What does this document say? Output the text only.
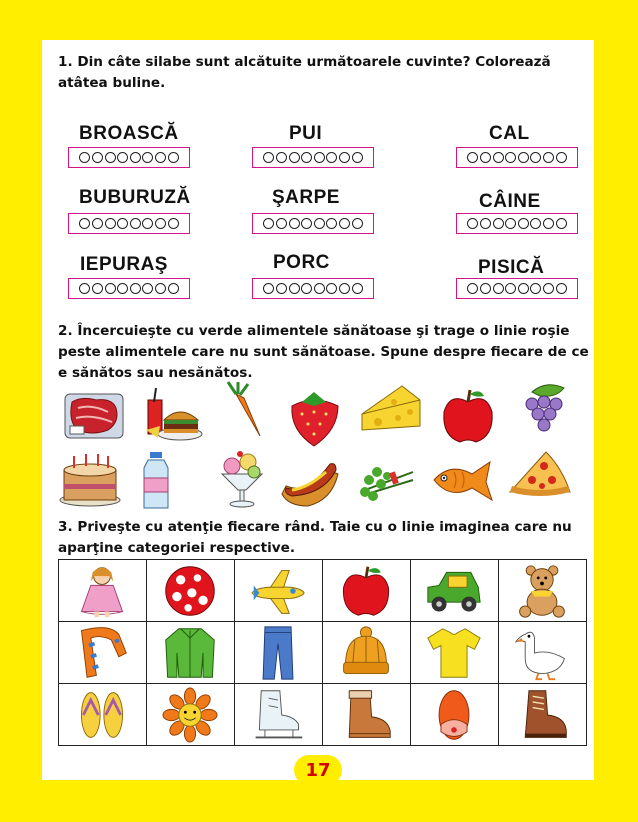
1. Din câte silabe sunt alcătuite următoarele cuvinte? Colorează
atâtea buline.

BROASCĂ	PUI	CAL
BUBURUZĂ	ŞARPE	CÂINE
IEPURAŞ	PORC	PISICĂ

2. Încercuieşte cu verde alimentele sănătoase şi trage o linie roşie
peste alimentele care nu sunt sănătoase. Spune despre fiecare de ce
e sănătos sau nesănătos.

3. Priveşte cu atenţie fiecare rând. Taie cu o linie imaginea care nu
aparţine categoriei respective.

17
